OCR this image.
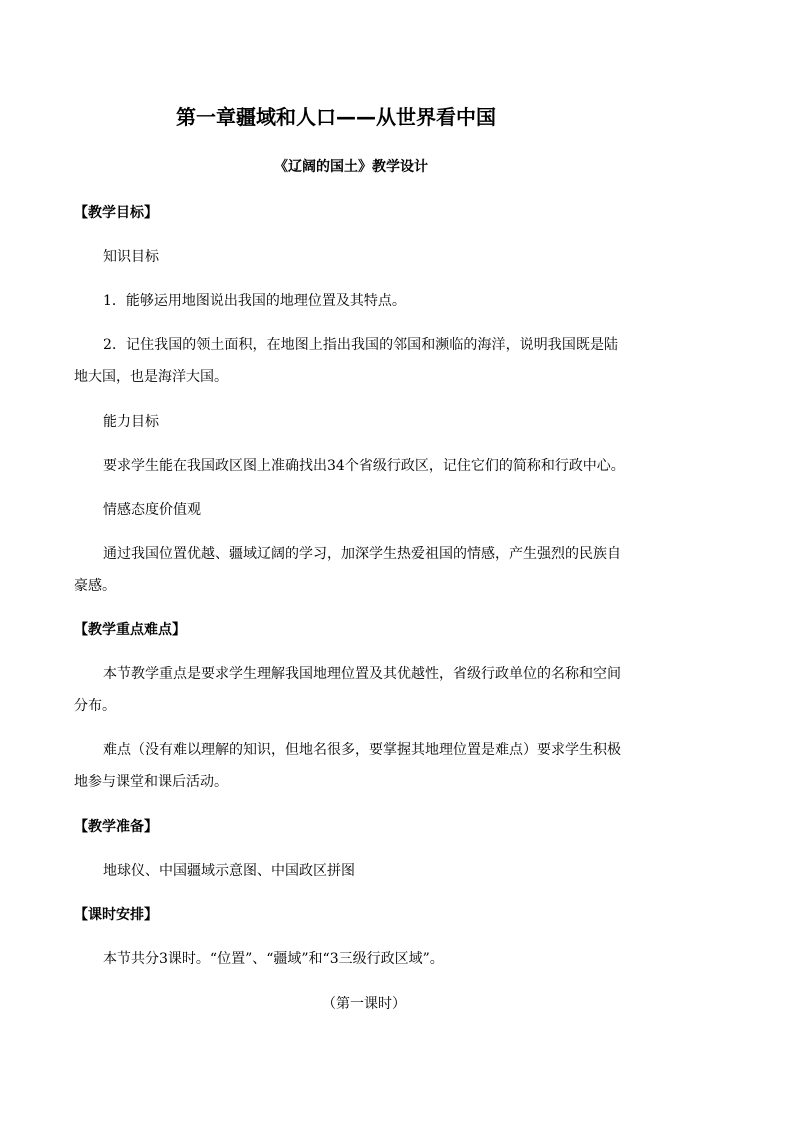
第一章疆域和人口——从世界看中国
《辽阔的国土》教学设计
【教学目标】
知识目标
1．能够运用地图说出我国的地理位置及其特点。
2．记住我国的领土面积，在地图上指出我国的邻国和濒临的海洋，说明我国既是陆
地大国，也是海洋大国。
能力目标
要求学生能在我国政区图上准确找出34个省级行政区，记住它们的简称和行政中心。
情感态度价值观
通过我国位置优越、疆域辽阔的学习，加深学生热爱祖国的情感，产生强烈的民族自
豪感。
【教学重点难点】
本节教学重点是要求学生理解我国地理位置及其优越性，省级行政单位的名称和空间
分布。
难点（没有难以理解的知识，但地名很多，要掌握其地理位置是难点）要求学生积极
地参与课堂和课后活动。
【教学准备】
地球仪、中国疆域示意图、中国政区拼图
【课时安排】
本节共分3课时。“位置”、“疆域”和“3三级行政区域”。
（第一课时）
